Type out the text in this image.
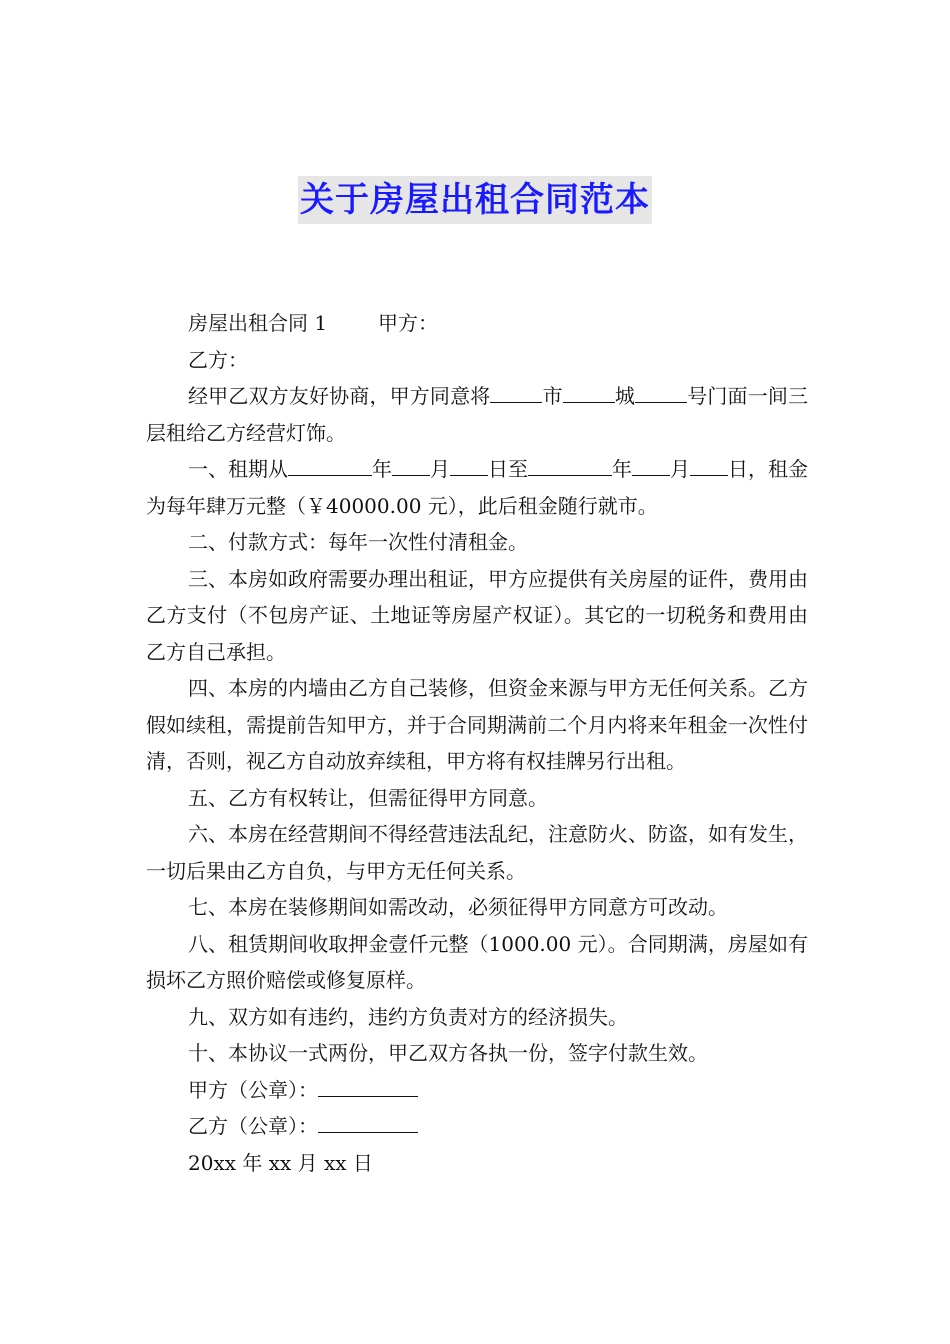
关于房屋出租合同范本

房屋出租合同 1	甲方：

乙方：

经甲乙双方友好协商，甲方同意将	市	城	号门面一间三层租给乙方经营灯饰。

一、租期从	年 月 日至	年 月 日，租金为每年肆万元整（￥40000.00 元），此后租金随行就市。

二、付款方式：每年一次性付清租金。

三、本房如政府需要办理出租证，甲方应提供有关房屋的证件，费用由乙方支付（不包房产证、土地证等房屋产权证）。其它的一切税务和费用由乙方自己承担。

四、本房的内墙由乙方自己装修，但资金来源与甲方无任何关系。乙方假如续租，需提前告知甲方，并于合同期满前二个月内将来年租金一次性付清，否则，视乙方自动放弃续租，甲方将有权挂牌另行出租。

五、乙方有权转让，但需征得甲方同意。

六、本房在经营期间不得经营违法乱纪，注意防火、防盗，如有发生，一切后果由乙方自负，与甲方无任何关系。

七、本房在装修期间如需改动，必须征得甲方同意方可改动。

八、租赁期间收取押金壹仟元整（1000.00 元）。合同期满，房屋如有损坏乙方照价赔偿或修复原样。

九、双方如有违约，违约方负责对方的经济损失。

十、本协议一式两份，甲乙双方各执一份，签字付款生效。

甲方（公章）：

乙方（公章）：

20xx 年 xx 月 xx 日
